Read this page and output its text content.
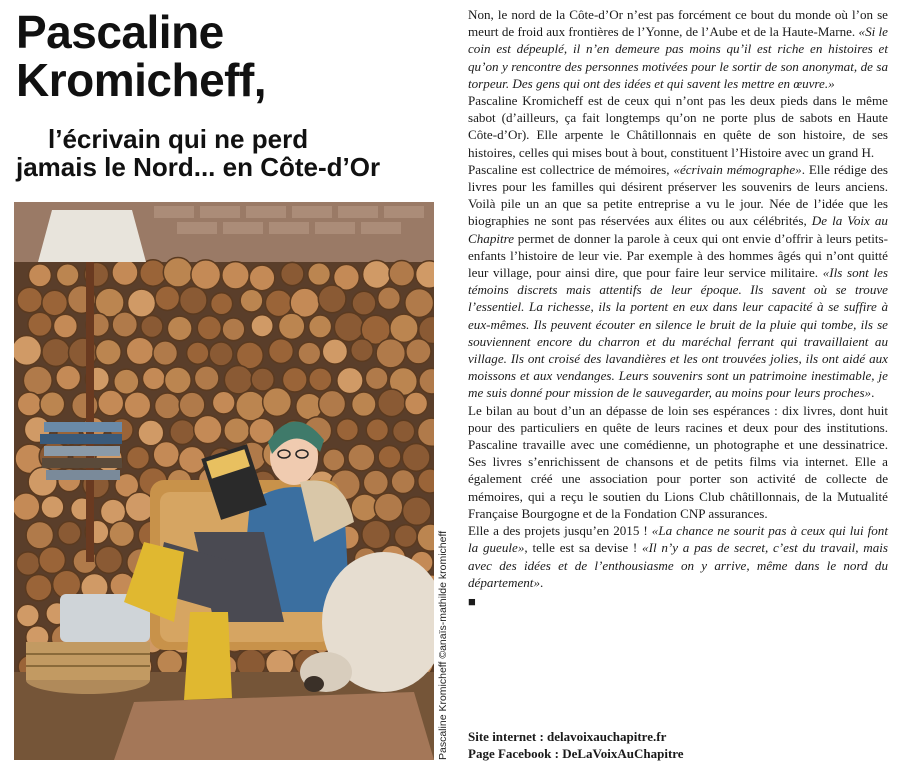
Pascaline
Kromicheff,
l’écrivain qui ne perd
jamais le Nord... en Côte-d’Or
Pascaline Kromicheff ©anaïs-mathilde kromicheff

Non, le nord de la Côte-d’Or n’est pas forcément ce bout du monde où l’on se meurt de froid aux frontières de l’Yonne, de l’Aube et de la Haute-Marne. «Si le coin est dépeuplé, il n’en demeure pas moins qu’il est riche en histoires et qu’on y rencontre des personnes motivées pour le sortir de son anonymat, de sa torpeur. Des gens qui ont des idées et qui savent les mettre en œuvre.»

Pascaline Kromicheff est de ceux qui n’ont pas les deux pieds dans le même sabot (d’ailleurs, ça fait longtemps qu’on ne porte plus de sabots en Haute Côte-d’Or). Elle arpente le Châtillonnais en quête de son histoire, de ses histoires, celles qui mises bout à bout, constituent l’Histoire avec un grand H.

Pascaline est collectrice de mémoires, «écrivain mémographe». Elle rédige des livres pour les familles qui désirent préserver les souvenirs de leurs anciens. Voilà pile un an que sa petite entreprise a vu le jour. Née de l’idée que les biographies ne sont pas réservées aux élites ou aux célébrités, De la Voix au Chapitre permet de donner la parole à ceux qui ont envie d’offrir à leurs petits-enfants l’histoire de leur vie. Par exemple à des hommes âgés qui n’ont quitté leur village, pour ainsi dire, que pour faire leur service militaire. «Ils sont les témoins discrets mais attentifs de leur époque. Ils savent où se trouve l’essentiel. La richesse, ils la portent en eux dans leur capacité à se suffire à eux-mêmes. Ils peuvent écouter en silence le bruit de la pluie qui tombe, ils se souviennent encore du charron et du maréchal ferrant qui travaillaient au village. Ils ont croisé des lavandières et les ont trouvées jolies, ils ont aidé aux moissons et aux vendanges. Leurs souvenirs sont un patrimoine inestimable, je me suis donné pour mission de le sauvegarder, au moins pour leurs proches».

Le bilan au bout d’un an dépasse de loin ses espérances : dix livres, dont huit pour des particuliers en quête de leurs racines et deux pour des institutions. Pascaline travaille avec une comédienne, un photographe et une dessinatrice. Ses livres s’enrichissent de chansons et de petits films via internet. Elle a également créé une association pour porter son activité de collecte de mémoires, qui a reçu le soutien du Lions Club châtillonnais, de la Mutualité Française Bourgogne et de la Fondation CNP assurances.

Elle a des projets jusqu’en 2015 ! «La chance ne sourit pas à ceux qui lui font la gueule», telle est sa devise ! «Il n’y a pas de secret, c’est du travail, mais avec des idées et de l’enthousiasme on y arrive, même dans le nord du département».

■
Site internet : delavoixauchapitre.fr
Page Facebook : DeLaVoixAuChapitre
